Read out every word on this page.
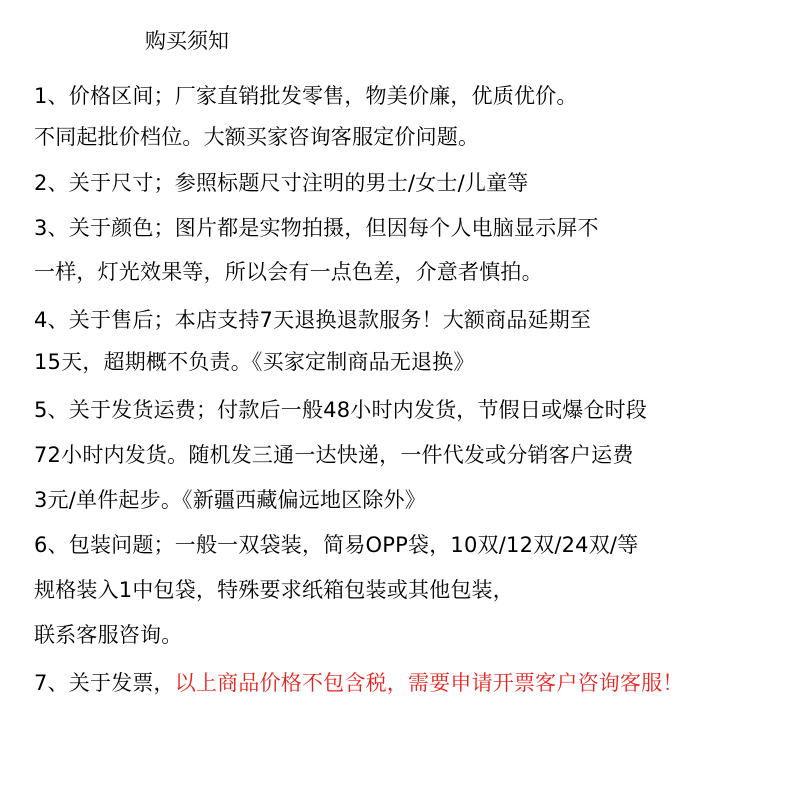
购买须知
1、价格区间；厂家直销批发零售，物美价廉，优质优价。
不同起批价档位。大额买家咨询客服定价问题。
2、关于尺寸；参照标题尺寸注明的男士/女士/儿童等
3、关于颜色；图片都是实物拍摄，但因每个人电脑显示屏不
一样，灯光效果等，所以会有一点色差，介意者慎拍。
4、关于售后；本店支持7天退换退款服务！大额商品延期至
15天，超期概不负责。《买家定制商品无退换》
5、关于发货运费；付款后一般48小时内发货，节假日或爆仓时段
72小时内发货。随机发三通一达快递，一件代发或分销客户运费
3元/单件起步。《新疆西藏偏远地区除外》
6、包装问题；一般一双袋装，简易OPP袋，10双/12双/24双/等
规格装入1中包袋，特殊要求纸箱包装或其他包装，
联系客服咨询。
7、关于发票，以上商品价格不包含税，需要申请开票客户咨询客服！
